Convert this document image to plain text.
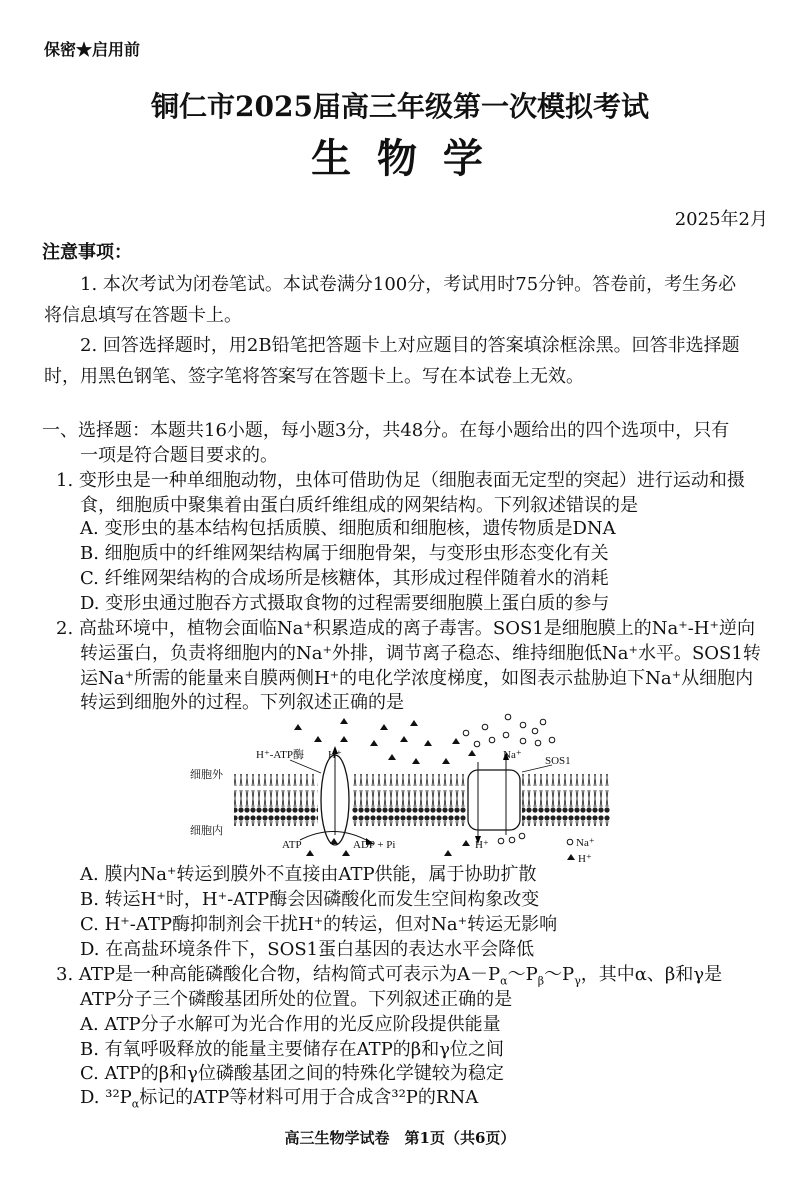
保密★启用前
铜仁市2025届高三年级第一次模拟考试
生 物 学
2025年2月
注意事项：
1. 本次考试为闭卷笔试。本试卷满分100分，考试用时75分钟。答卷前，考生务必
将信息填写在答题卡上。
2. 回答选择题时，用2B铅笔把答题卡上对应题目的答案填涂框涂黑。回答非选择题
时，用黑色钢笔、签字笔将答案写在答题卡上。写在本试卷上无效。
一、选择题：本题共16小题，每小题3分，共48分。在每小题给出的四个选项中，只有
一项是符合题目要求的。
1. 变形虫是一种单细胞动物，虫体可借助伪足（细胞表面无定型的突起）进行运动和摄
食，细胞质中聚集着由蛋白质纤维组成的网架结构。下列叙述错误的是
A. 变形虫的基本结构包括质膜、细胞质和细胞核，遗传物质是DNA
B. 细胞质中的纤维网架结构属于细胞骨架，与变形虫形态变化有关
C. 纤维网架结构的合成场所是核糖体，其形成过程伴随着水的消耗
D. 变形虫通过胞吞方式摄取食物的过程需要细胞膜上蛋白质的参与
2. 高盐环境中，植物会面临Na⁺积累造成的离子毒害。SOS1是细胞膜上的Na⁺-H⁺逆向
转运蛋白，负责将细胞内的Na⁺外排，调节离子稳态、维持细胞低Na⁺水平。SOS1转
运Na⁺所需的能量来自膜两侧H⁺的电化学浓度梯度，如图表示盐胁迫下Na⁺从细胞内
转运到细胞外的过程。下列叙述正确的是
细胞外
细胞内
H⁺-ATP酶 H⁺	Na⁺ SOS1
ATP	ADP + Pi	H⁺	Na⁺
H⁺
A. 膜内Na⁺转运到膜外不直接由ATP供能，属于协助扩散
B. 转运H⁺时，H⁺-ATP酶会因磷酸化而发生空间构象改变
C. H⁺-ATP酶抑制剂会干扰H⁺的转运，但对Na⁺转运无影响
D. 在高盐环境条件下，SOS1蛋白基因的表达水平会降低
3. ATP是一种高能磷酸化合物，结构简式可表示为$A-P_\alpha\sim P_\beta\sim P_\gamma$，其中α、β和γ是
ATP分子三个磷酸基团所处的位置。下列叙述正确的是
A. ATP分子水解可为光合作用的光反应阶段提供能量
B. 有氧呼吸释放的能量主要储存在ATP的β和γ位之间
C. ATP的β和γ位磷酸基团之间的特殊化学键较为稳定
D. $^{32}P_\alpha$标记的ATP等材料可用于合成含³²P的RNA
高三生物学试卷　第1页（共6页）
